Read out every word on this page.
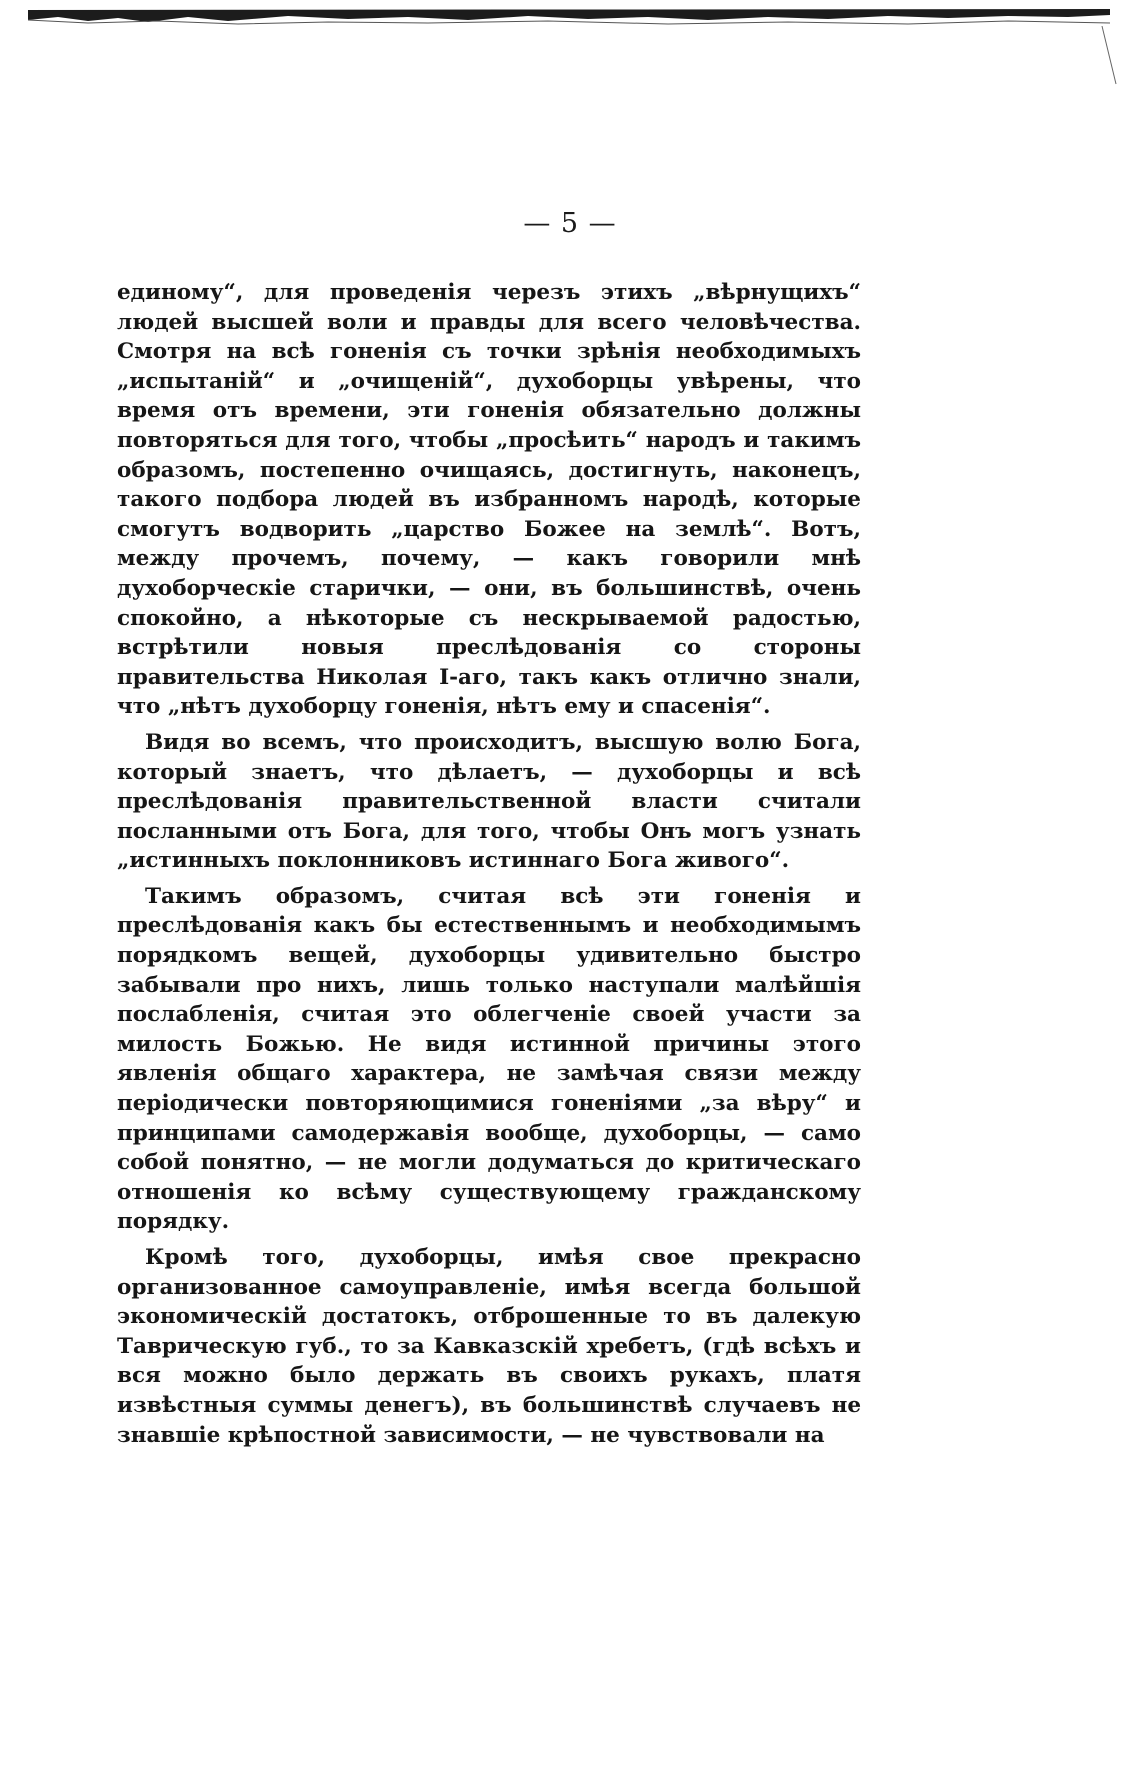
— 5 —

единому“, для проведенія черезъ этихъ „вѣрнущихъ“ людей высшей воли и правды для всего человѣчества. Смотря на всѣ гоненія съ точки зрѣнія необходимыхъ „испытаній“ и „очищеній“, духоборцы увѣрены, что время отъ времени, эти гоненія обязательно должны повторяться для того, чтобы „просѣить“ народъ и такимъ образомъ, постепенно очищаясь, достигнуть, наконецъ, такого подбора людей въ избранномъ народѣ, которые смогутъ водворить „царство Божее на землѣ“. Вотъ, между прочемъ, почему, — какъ говорили мнѣ духоборческіе старички, — они, въ большинствѣ, очень спокойно, а нѣкоторые съ нескрываемой радостью, встрѣтили новыя преслѣдованія со стороны правительства Николая I-аго, такъ какъ отлично знали, что „нѣтъ духоборцу гоненія, нѣтъ ему и спасенія“.

Видя во всемъ, что происходитъ, высшую волю Бога, который знаетъ, что дѣлаетъ, — духоборцы и всѣ преслѣдованія правительственной власти считали посланными отъ Бога, для того, чтобы Онъ могъ узнать „истинныхъ поклонниковъ истиннаго Бога живого“.

Такимъ образомъ, считая всѣ эти гоненія и преслѣдованія какъ бы естественнымъ и необходимымъ порядкомъ вещей, духоборцы удивительно быстро забывали про нихъ, лишь только наступали малѣйшія послабленія, считая это облегченіе своей участи за милость Божью. Не видя истинной причины этого явленія общаго характера, не замѣчая связи между періодически повторяющимися гоненіями „за вѣру“ и принципами самодержавія вообще, духоборцы, — само собой понятно, — не могли додуматься до критическаго отношенія ко всѣму существующему гражданскому порядку.

Кромѣ того, духоборцы, имѣя свое прекрасно организованное самоуправленіе, имѣя всегда большой экономическій достатокъ, отброшенные то въ далекую Таврическую губ., то за Кавказскій хребетъ, (гдѣ всѣхъ и вся можно было держать въ своихъ рукахъ, платя извѣстныя суммы денегъ), въ большинствѣ случаевъ не знавшіе крѣпостной зависимости, — не чувствовали на
